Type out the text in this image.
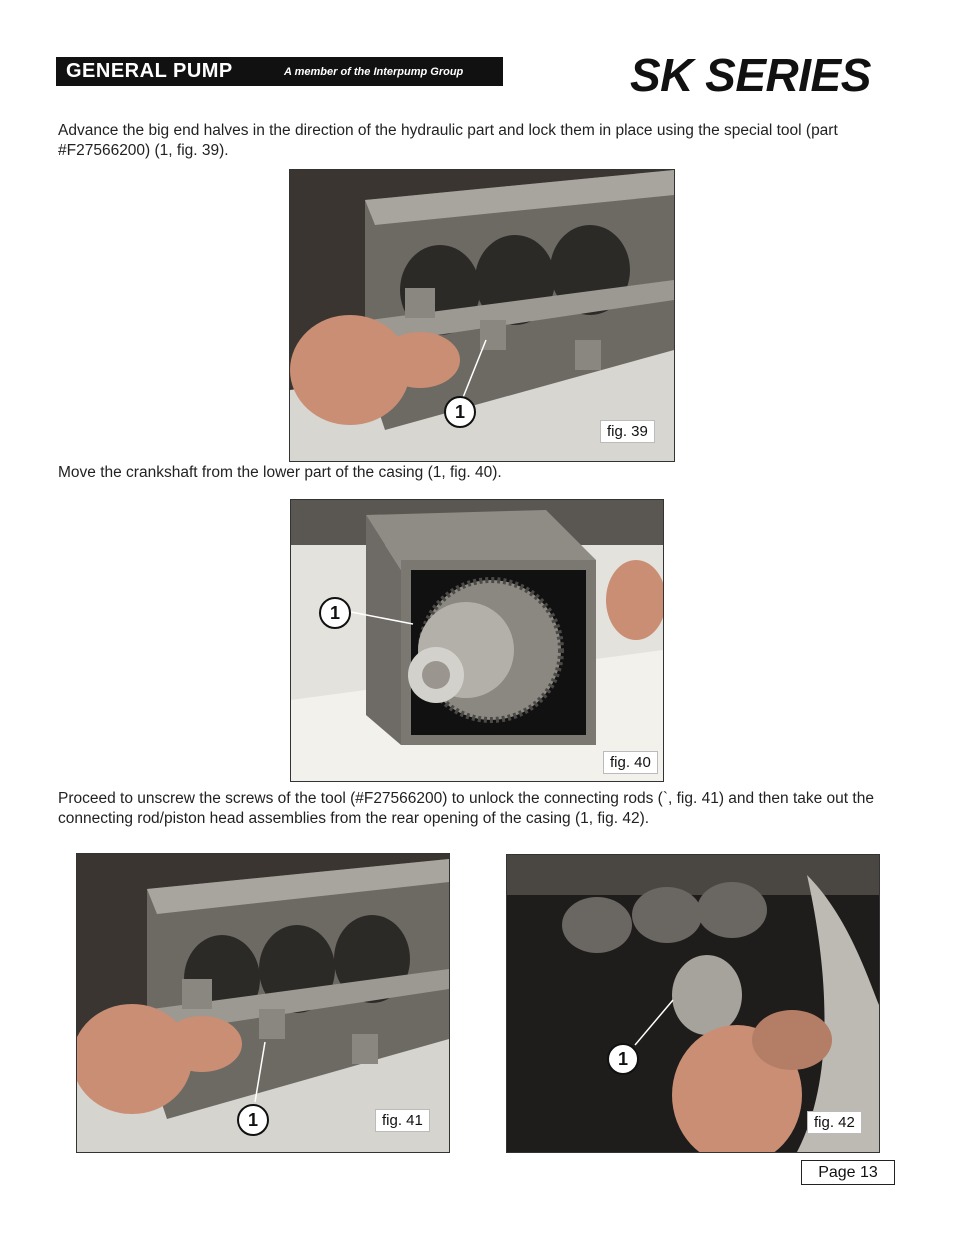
GENERAL PUMP	A member of the Interpump Group	SK SERIES
Advance the big end halves in the direction of the hydraulic part and lock them in place using the special tool (part #F27566200) (1, fig. 39).
1
fig. 39
Move the crankshaft from the lower part of the casing (1, fig. 40).
1
fig. 40
Proceed to unscrew the screws of the tool (#F27566200) to unlock the connecting rods (`, fig. 41) and then take out the connecting rod/piston head assemblies from the rear opening of the casing (1, fig. 42).
1	fig. 41
1
fig. 42
Page 13
